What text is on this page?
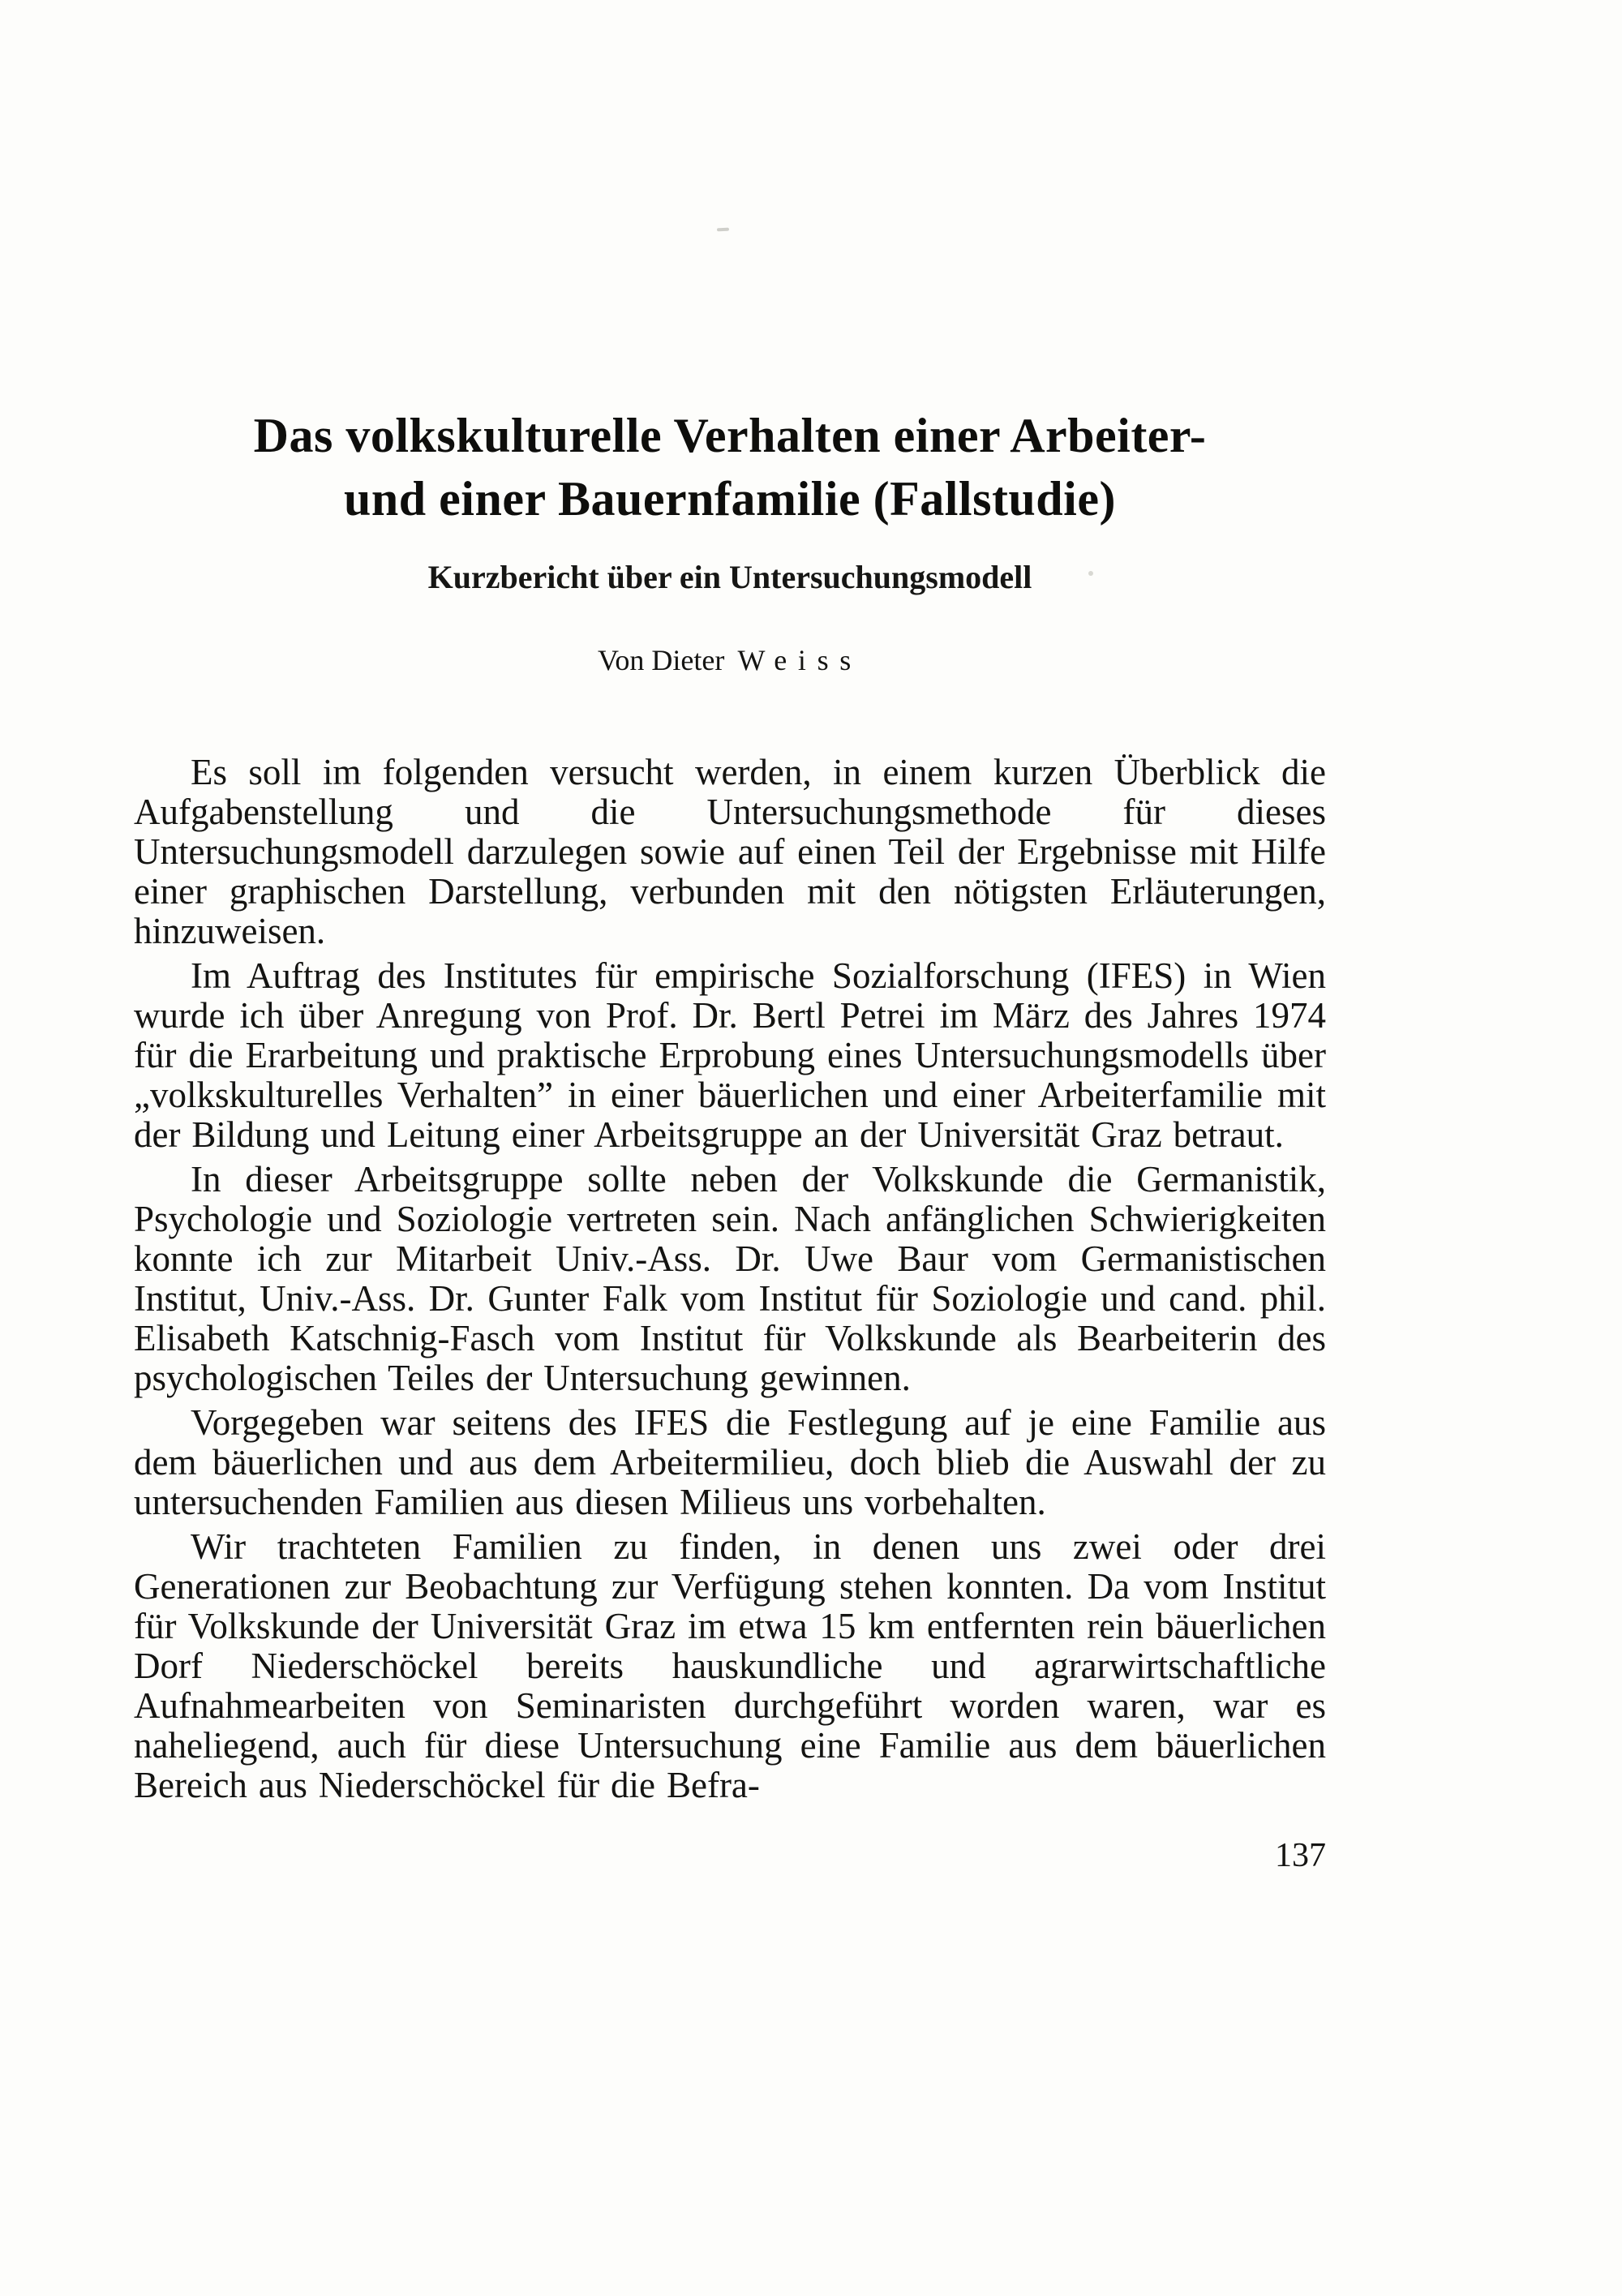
Das volkskulturelle Verhalten einer Arbeiter-
und einer Bauernfamilie (Fallstudie)
Kurzbericht über ein Untersuchungsmodell

Von Dieter Weiss

Es soll im folgenden versucht werden, in einem kurzen Überblick die Aufgabenstellung und die Untersuchungsmethode für dieses Untersuchungsmodell darzulegen sowie auf einen Teil der Ergebnisse mit Hilfe einer graphischen Darstellung, verbunden mit den nötigsten Erläuterungen, hinzuweisen.

Im Auftrag des Institutes für empirische Sozialforschung (IFES) in Wien wurde ich über Anregung von Prof. Dr. Bertl Petrei im März des Jahres 1974 für die Erarbeitung und praktische Erprobung eines Untersuchungsmodells über „volkskulturelles Verhalten” in einer bäuerlichen und einer Arbeiterfamilie mit der Bildung und Leitung einer Arbeitsgruppe an der Universität Graz betraut.

In dieser Arbeitsgruppe sollte neben der Volkskunde die Germanistik, Psychologie und Soziologie vertreten sein. Nach anfänglichen Schwierigkeiten konnte ich zur Mitarbeit Univ.-Ass. Dr. Uwe Baur vom Germanistischen Institut, Univ.-Ass. Dr. Gunter Falk vom Institut für Soziologie und cand. phil. Elisabeth Katschnig-Fasch vom Institut für Volkskunde als Bearbeiterin des psychologischen Teiles der Untersuchung gewinnen.

Vorgegeben war seitens des IFES die Festlegung auf je eine Familie aus dem bäuerlichen und aus dem Arbeitermilieu, doch blieb die Auswahl der zu untersuchenden Familien aus diesen Milieus uns vorbehalten.

Wir trachteten Familien zu finden, in denen uns zwei oder drei Generationen zur Beobachtung zur Verfügung stehen konnten. Da vom Institut für Volkskunde der Universität Graz im etwa 15 km entfernten rein bäuerlichen Dorf Niederschöckel bereits hauskundliche und agrarwirtschaftliche Aufnahmearbeiten von Seminaristen durchgeführt worden waren, war es naheliegend, auch für diese Untersuchung eine Familie aus dem bäuerlichen Bereich aus Niederschöckel für die Befra-

137
